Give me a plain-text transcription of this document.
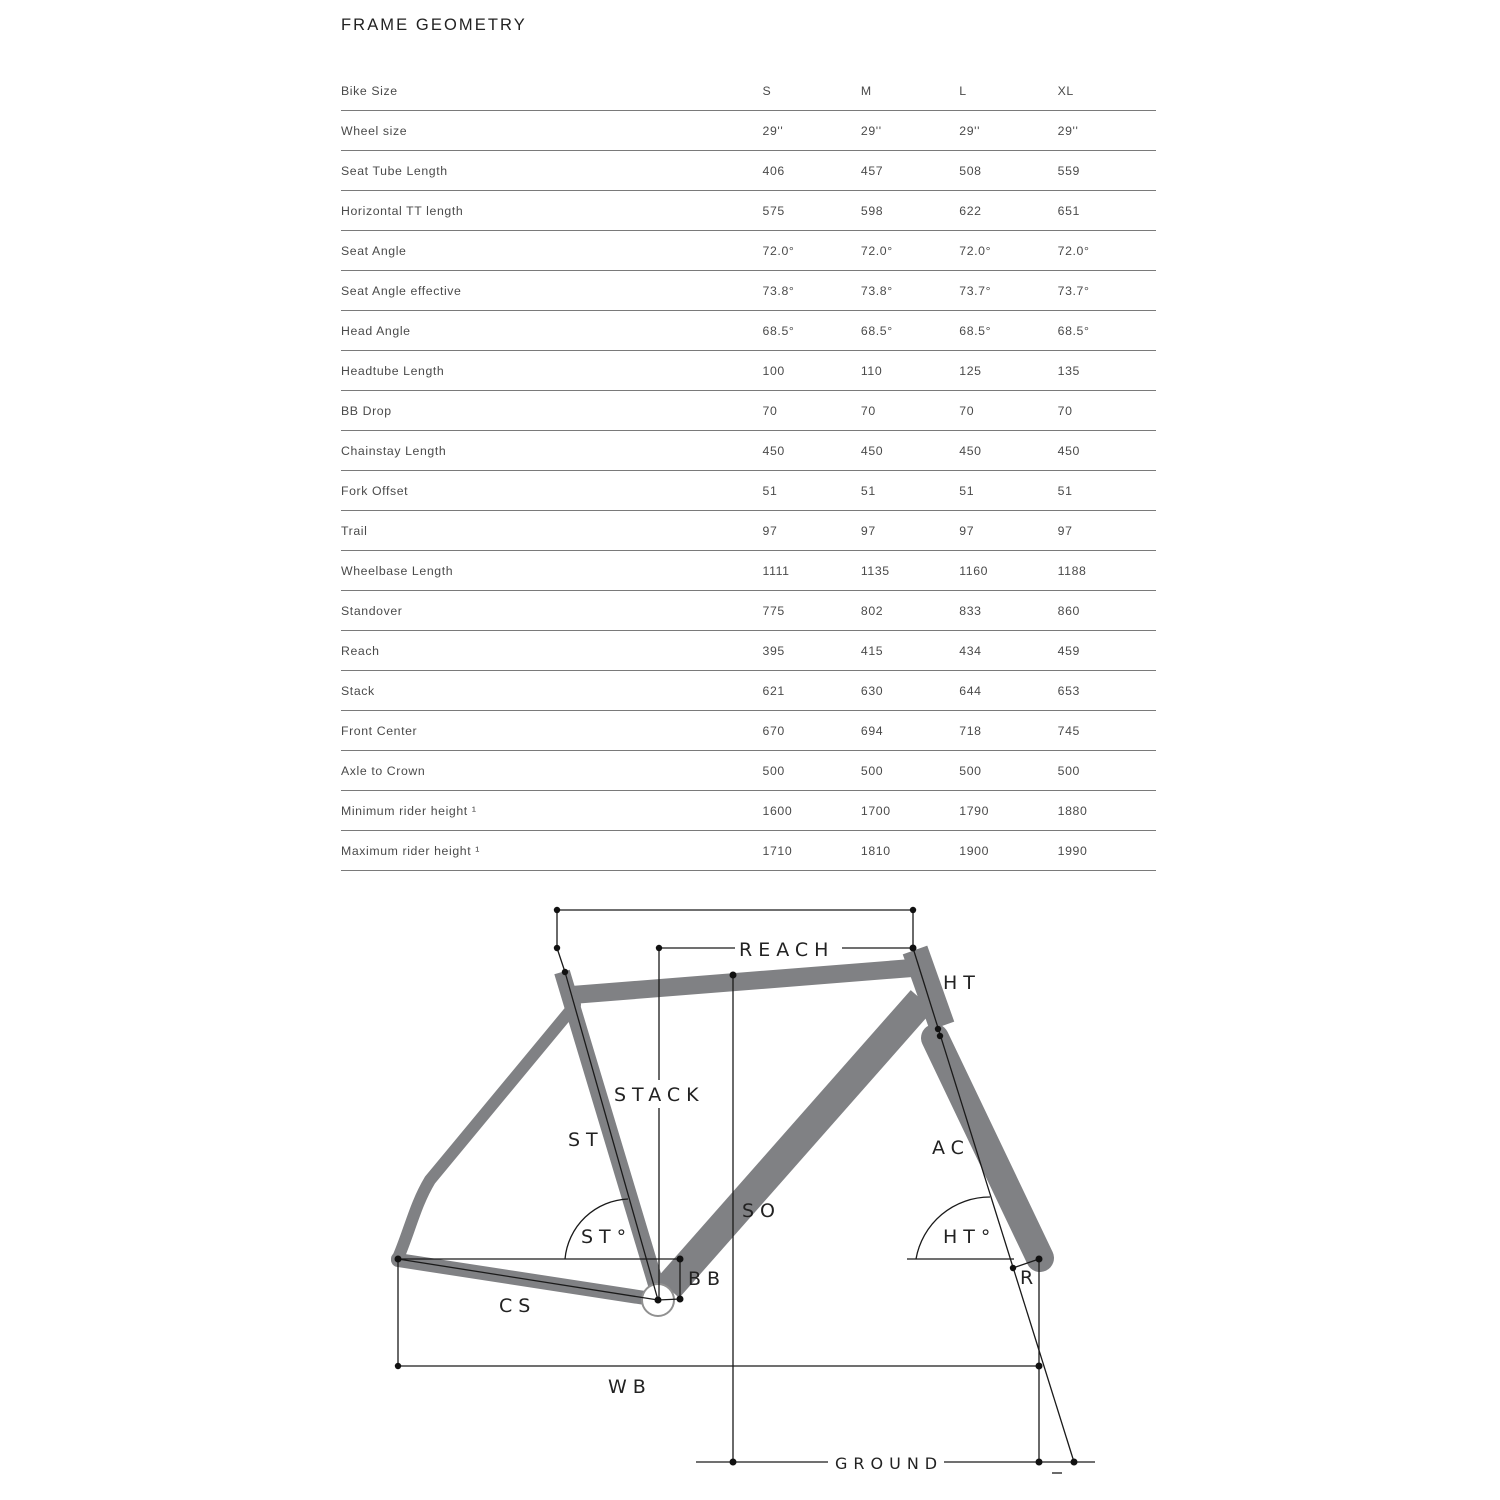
FRAME GEOMETRY
Bike Size	S	M	L	XL
Wheel size	29''	29''	29''	29''
Seat Tube Length	406	457	508	559
Horizontal TT length	575	598	622	651
Seat Angle	72.0°	72.0°	72.0°	72.0°
Seat Angle effective	73.8°	73.8°	73.7°	73.7°
Head Angle	68.5°	68.5°	68.5°	68.5°
Headtube Length	100	110	125	135
BB Drop	70	70	70	70
Chainstay Length	450	450	450	450
Fork Offset	51	51	51	51
Trail	97	97	97	97
Wheelbase Length	1111	1135	1160	1188
Standover	775	802	833	860
Reach	395	415	434	459
Stack	621	630	644	653
Front Center	670	694	718	745
Axle to Crown	500	500	500	500
Minimum rider height ¹	1600	1700	1790	1880
Maximum rider height ¹	1710	1810	1900	1990
REACH
HT
STACK
ST	AC
SO
ST°	HT°
BB	R
CS
WB
GROUND
